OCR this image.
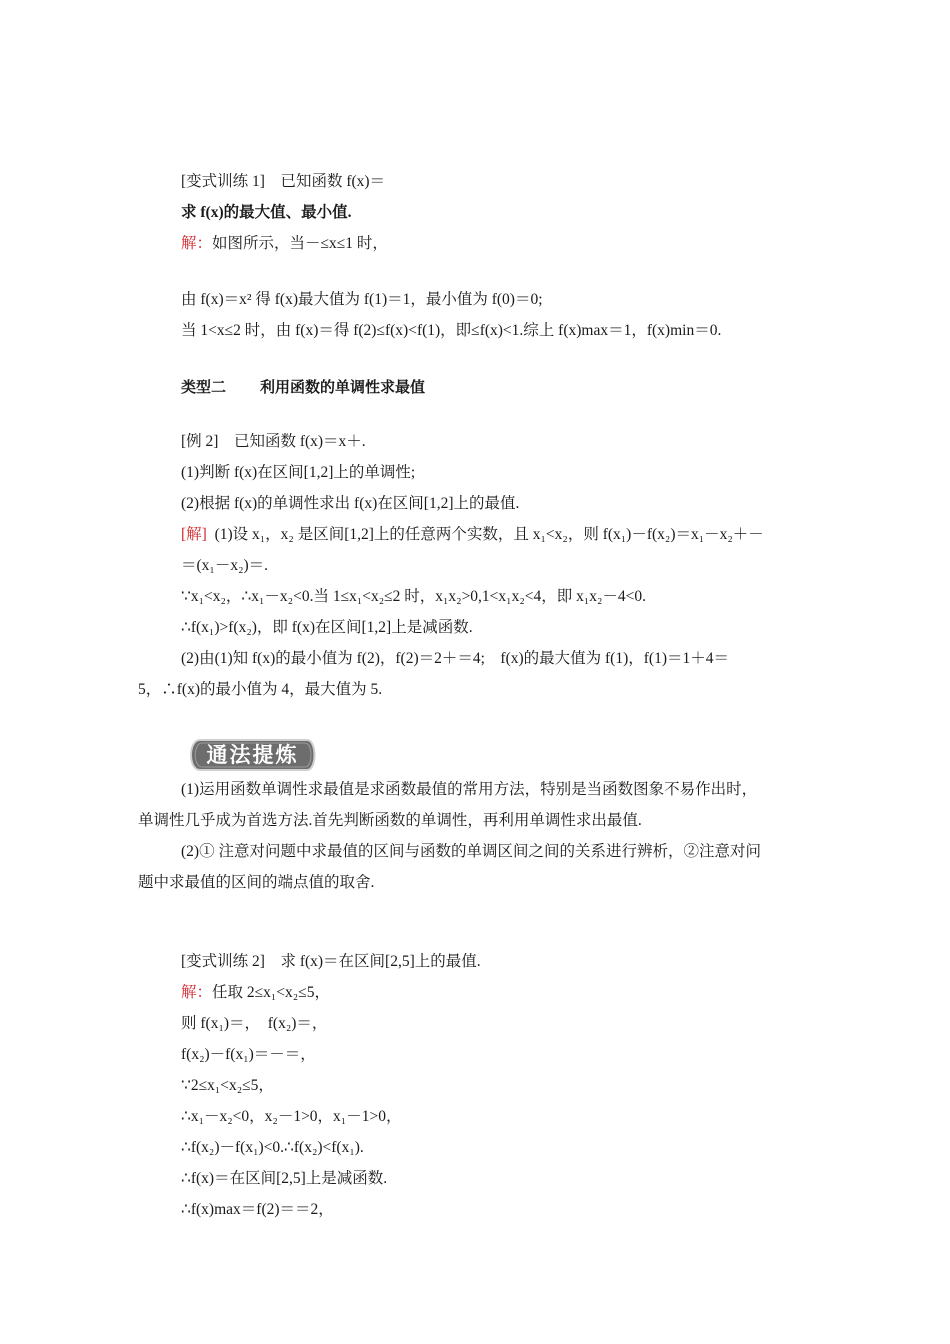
[变式训练 1]　已知函数 f(x)＝
求 f(x)的最大值、最小值.
解：如图所示，当－≤x≤1 时，
由 f(x)＝x² 得 f(x)最大值为 f(1)＝1，最小值为 f(0)＝0;
当 1<x≤2 时，由 f(x)＝得 f(2)≤f(x)<f(1)，即≤f(x)<1.综上 f(x)max＝1，f(x)min＝0.
类型二 利用函数的单调性求最值
[例 2]　已知函数 f(x)＝x＋.
(1)判断 f(x)在区间[1,2]上的单调性;
(2)根据 f(x)的单调性求出 f(x)在区间[1,2]上的最值.
[解] (1)设 x₁，x₂ 是区间[1,2]上的任意两个实数，且 x₁<x₂，则 f(x₁)－f(x₂)＝x₁－x₂＋－
＝(x₁－x₂)＝.
∵x₁<x₂，∴x₁－x₂<0.当 1≤x₁<x₂≤2 时，x₁x₂>0,1<x₁x₂<4，即 x₁x₂－4<0.
∴f(x₁)>f(x₂)，即 f(x)在区间[1,2]上是减函数.
(2)由(1)知 f(x)的最小值为 f(2)，f(2)＝2＋＝4;　f(x)的最大值为 f(1)，f(1)＝1＋4＝
5，∴f(x)的最小值为 4，最大值为 5.
通法提炼
(1)运用函数单调性求最值是求函数最值的常用方法，特别是当函数图象不易作出时，
单调性几乎成为首选方法.首先判断函数的单调性，再利用单调性求出最值.
(2)① 注意对问题中求最值的区间与函数的单调区间之间的关系进行辨析，②注意对问
题中求最值的区间的端点值的取舍.
[变式训练 2]　求 f(x)＝在区间[2,5]上的最值.
解：任取 2≤x₁<x₂≤5，
则 f(x₁)＝，　f(x₂)＝，
f(x₂)－f(x₁)＝－＝，
∵2≤x₁<x₂≤5，
∴x₁－x₂<0，x₂－1>0，x₁－1>0，
∴f(x₂)－f(x₁)<0.∴f(x₂)<f(x₁).
∴f(x)＝在区间[2,5]上是减函数.
∴f(x)max＝f(2)＝＝2，
